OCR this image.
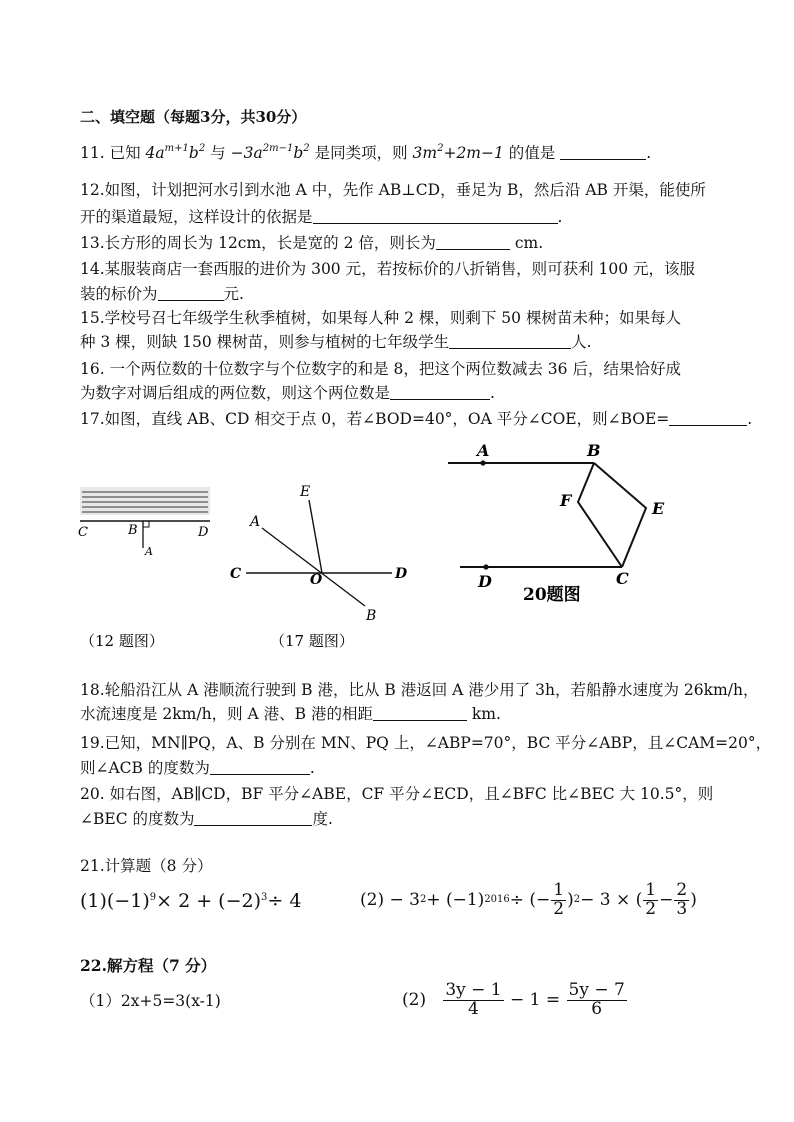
二、填空题（每题3分，共30分）
11. 已知 $4a^{m+1}b^2$ 与 $-3a^{2m-1}b^2$ 是同类项，则 $3m^2+2m-1$ 的值是	.
12.如图，计划把河水引到水池 A 中，先作 AB⊥CD，垂足为 B，然后沿 AB 开渠，能使所
开的渠道最短，这样设计的依据是	.
13.长方形的周长为 12cm，长是宽的 2 倍，则长为	cm.
14.某服装商店一套西服的进价为 300 元，若按标价的八折销售，则可获利 100 元，该服
装的标价为	元.
15.学校号召七年级学生秋季植树，如果每人种 2 棵，则剩下 50 棵树苗未种；如果每人
种 3 棵，则缺 150 棵树苗，则参与植树的七年级学生	人.
16. 一个两位数的十位数字与个位数字的和是 8，把这个两位数减去 36 后，结果恰好成
为数字对调后组成的两位数，则这个两位数是	.
17.如图，直线 AB、CD 相交于点 0，若∠BOD=40°，OA 平分∠COE，则∠BOE=	.
C	B	D
A
E
A
C	O	D
B
A	B
F	E
D	C
20题图
（12 题图）	（17 题图）
18.轮船沿江从 A 港顺流行驶到 B 港，比从 B 港返回 A 港少用了 3h，若船静水速度为 26km/h，
水流速度是 2km/h，则 A 港、B 港的相距	km.
19.已知，MN∥PQ，A、B 分别在 MN、PQ 上，∠ABP=70°，BC 平分∠ABP，且∠CAM=20°，
则∠ACB 的度数为	.
20. 如右图，AB∥CD，BF 平分∠ABE，CF 平分∠ECD，且∠BFC 比∠BEC 大 10.5°，则
∠BEC 的度数为	度.
21.计算题（8 分）
$(1)(-1)^9\times 2 + (-2)^3\div 4$	(2) − 3 2 + (−1) 2016 ÷ (− $\frac{1}{2}$ ) 2 − 3 × ( $\frac{1}{2} - \frac{2}{3}$ )
22.解方程（7 分）
（1）2x+5=3(x-1)	(2)
$\frac{3y - 1}{4} - 1 = \frac{5y - 7}{6}$
